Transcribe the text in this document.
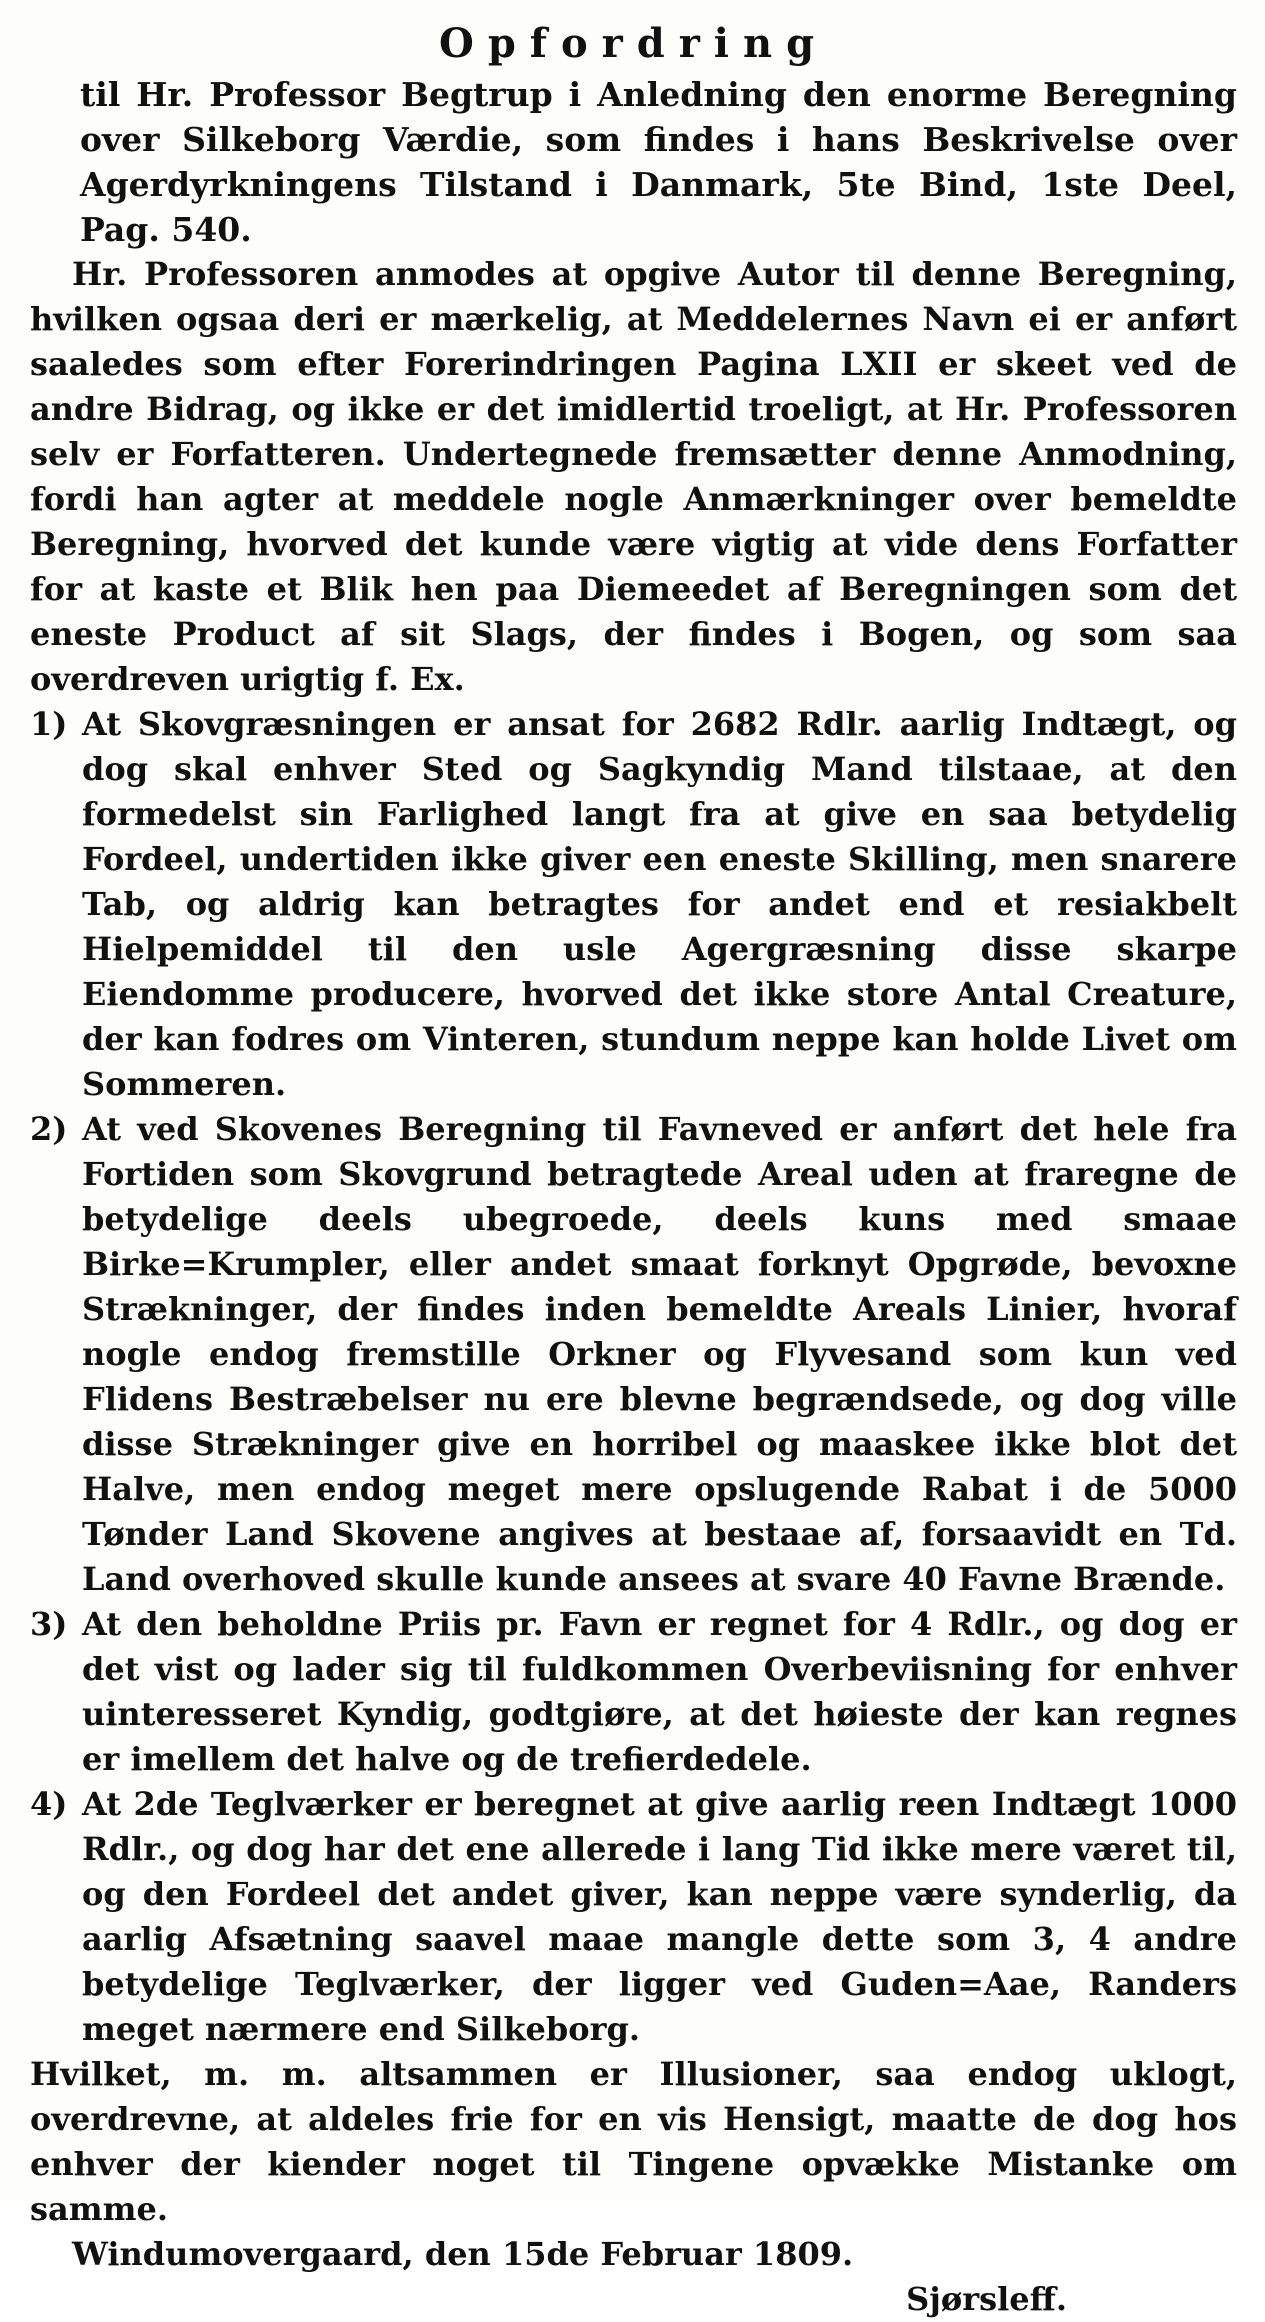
Opfordring

til Hr. Professor Begtrup i Anledning den enorme Beregning over Silkeborg Værdie, som findes i hans Beskrivelse over Agerdyrkningens Tilstand i Danmark, 5te Bind, 1ste Deel, Pag. 540.

Hr. Professoren anmodes at opgive Autor til denne Beregning, hvilken ogsaa deri er mærkelig, at Meddelernes Navn ei er anført saaledes som efter Forerindringen Pagina LXII er skeet ved de andre Bidrag, og ikke er det imidlertid troeligt, at Hr. Professoren selv er Forfatteren. Undertegnede fremsætter denne Anmodning, fordi han agter at meddele nogle Anmærkninger over bemeldte Beregning, hvorved det kunde være vigtig at vide dens Forfatter for at kaste et Blik hen paa Diemeedet af Beregningen som det eneste Product af sit Slags, der findes i Bogen, og som saa overdreven urigtig f. Ex.

1) At Skovgræsningen er ansat for 2682 Rdlr. aarlig Indtægt, og dog skal enhver Sted og Sagkyndig Mand tilstaae, at den formedelst sin Farlighed langt fra at give en saa betydelig Fordeel, undertiden ikke giver een eneste Skilling, men snarere Tab, og aldrig kan betragtes for andet end et resiakbelt Hielpemiddel til den usle Agergræsning disse skarpe Eiendomme producere, hvorved det ikke store Antal Creature, der kan fodres om Vinteren, stundum neppe kan holde Livet om Sommeren.
2) At ved Skovenes Beregning til Favneved er anført det hele fra Fortiden som Skovgrund betragtede Areal uden at fraregne de betydelige deels ubegroede, deels kuns med smaae Birke=Krumpler, eller andet smaat forknyt Opgrøde, bevoxne Strækninger, der findes inden bemeldte Areals Linier, hvoraf nogle endog fremstille Orkner og Flyvesand som kun ved Flidens Bestræbelser nu ere blevne begrændsede, og dog ville disse Strækninger give en horribel og maaskee ikke blot det Halve, men endog meget mere opslugende Rabat i de 5000 Tønder Land Skovene angives at bestaae af, forsaavidt en Td. Land overhoved skulle kunde ansees at svare 40 Favne Brænde.
3) At den beholdne Priis pr. Favn er regnet for 4 Rdlr., og dog er det vist og lader sig til fuldkommen Overbeviisning for enhver uinteresseret Kyndig, godtgiøre, at det høieste der kan regnes er imellem det halve og de trefierdedele.
4) At 2de Teglværker er beregnet at give aarlig reen Indtægt 1000 Rdlr., og dog har det ene allerede i lang Tid ikke mere været til, og den Fordeel det andet giver, kan neppe være synderlig, da aarlig Afsætning saavel maae mangle dette som 3, 4 andre betydelige Teglværker, der ligger ved Guden=Aae, Randers meget nærmere end Silkeborg.

Hvilket, m. m. altsammen er Illusioner, saa endog uklogt, overdrevne, at aldeles frie for en vis Hensigt, maatte de dog hos enhver der kiender noget til Tingene opvække Mistanke om samme.

Windumovergaard, den 15de Februar 1809.

Sjørsleff.
